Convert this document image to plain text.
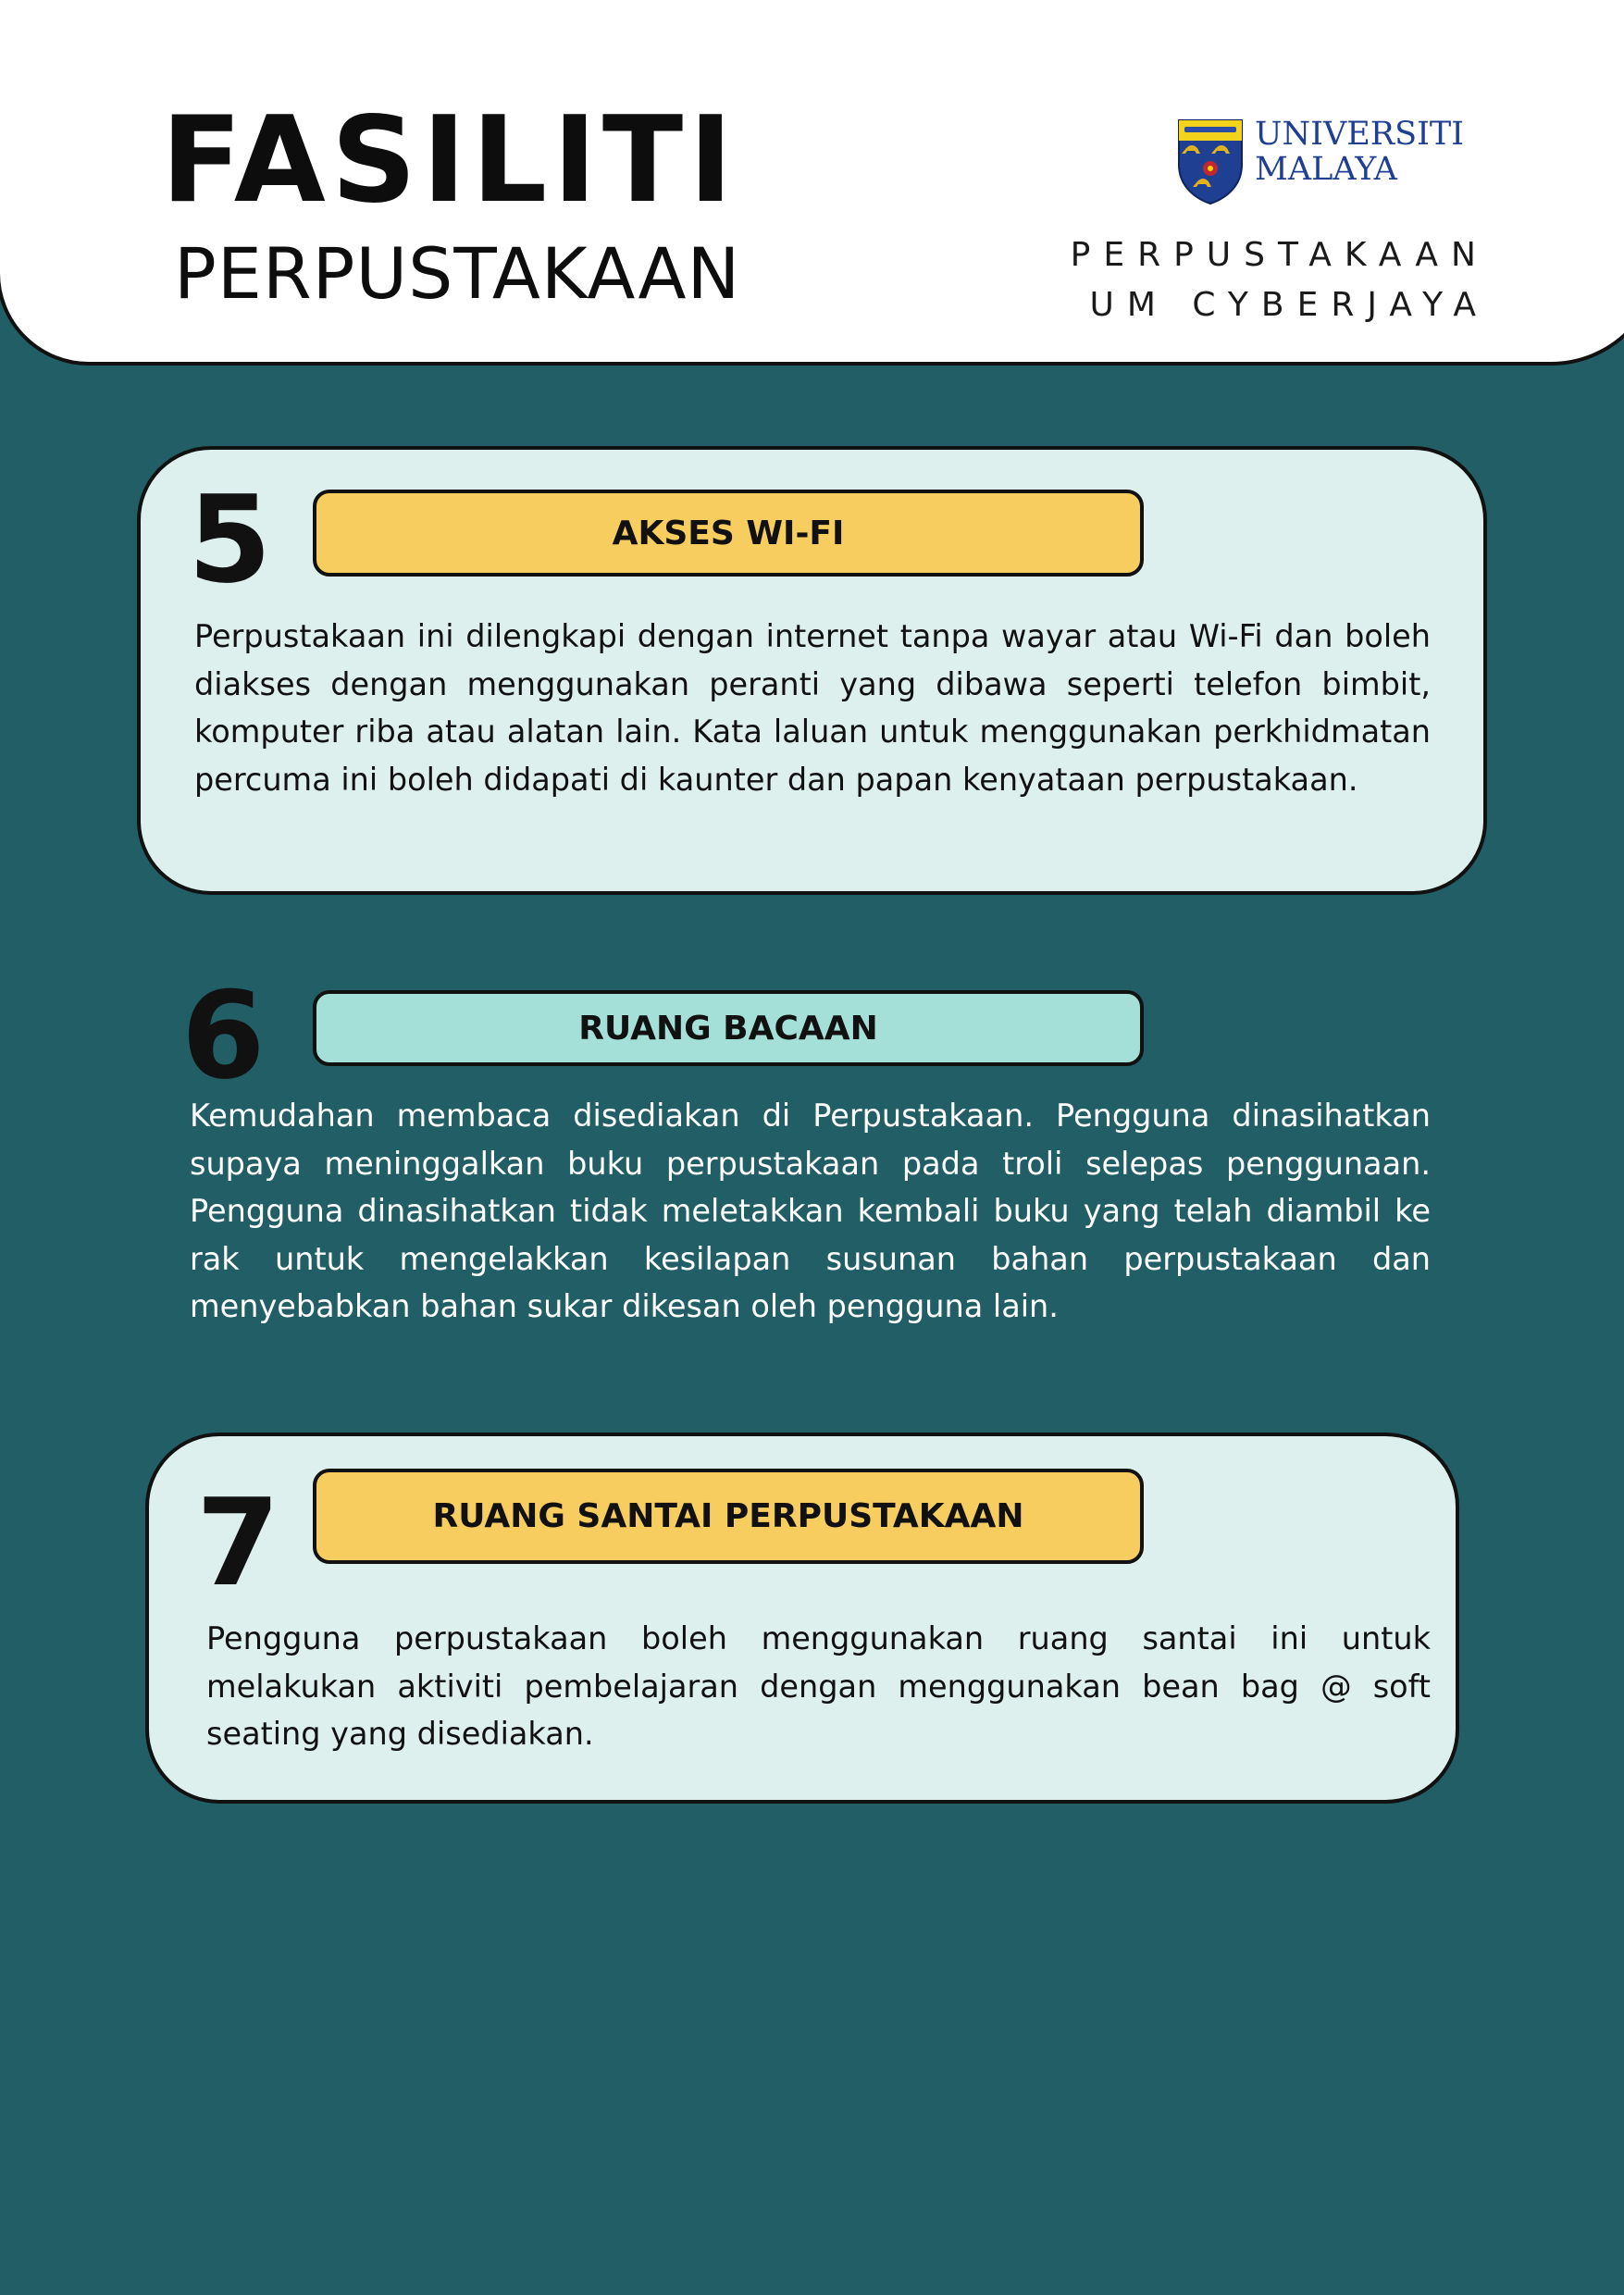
FASILITI
PERPUSTAKAAN

UNIVERSITI
MALAYA

PERPUSTAKAAN

UM CYBERJAYA

5	AKSES WI-FI

Perpustakaan ini dilengkapi dengan internet tanpa wayar atau Wi-Fi dan boleh diakses dengan menggunakan peranti yang dibawa seperti telefon bimbit, komputer riba atau alatan lain. Kata laluan untuk menggunakan perkhidmatan percuma ini boleh didapati di kaunter dan papan kenyataan perpustakaan.

6	RUANG BACAAN

Kemudahan membaca disediakan di Perpustakaan. Pengguna dinasihatkan supaya meninggalkan buku perpustakaan pada troli selepas penggunaan. Pengguna dinasihatkan tidak meletakkan kembali buku yang telah diambil ke rak untuk mengelakkan kesilapan susunan bahan perpustakaan dan menyebabkan bahan sukar dikesan oleh pengguna lain.

7	RUANG SANTAI PERPUSTAKAAN

Pengguna perpustakaan boleh menggunakan ruang santai ini untuk melakukan aktiviti pembelajaran dengan menggunakan bean bag @ soft seating yang disediakan.
